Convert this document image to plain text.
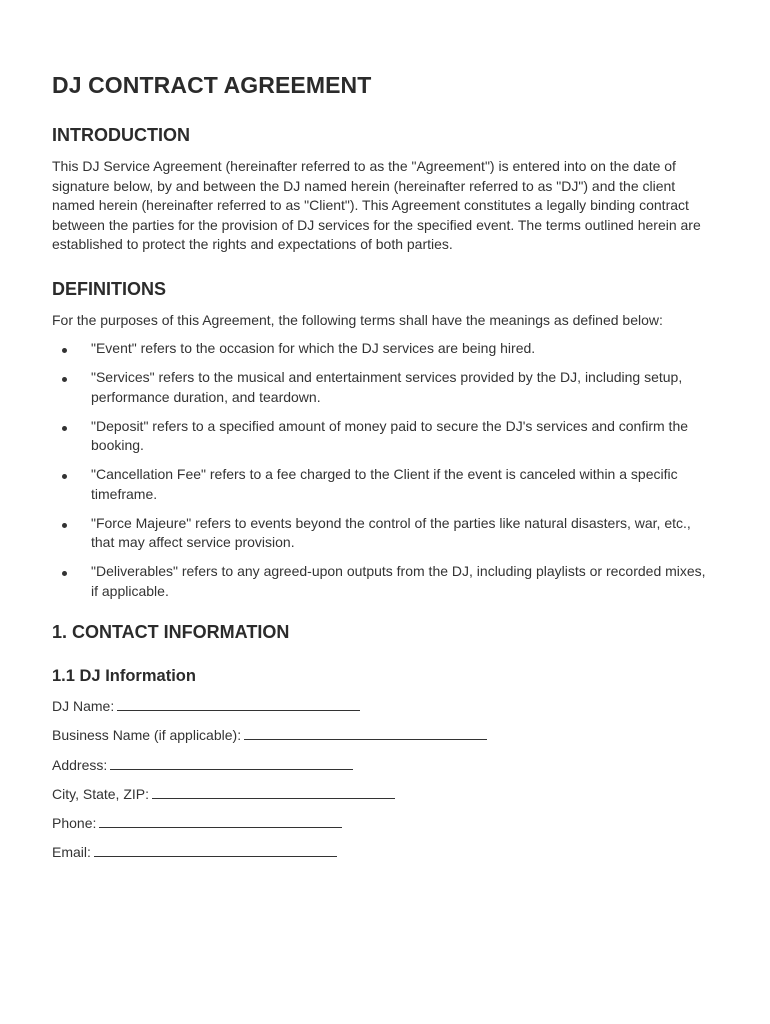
DJ CONTRACT AGREEMENT
INTRODUCTION

This DJ Service Agreement (hereinafter referred to as the "Agreement") is entered into on the date of signature below, by and between the DJ named herein (hereinafter referred to as "DJ") and the client named herein (hereinafter referred to as "Client"). This Agreement constitutes a legally binding contract between the parties for the provision of DJ services for the specified event. The terms outlined herein are established to protect the rights and expectations of both parties.

DEFINITIONS

For the purposes of this Agreement, the following terms shall have the meanings as defined below:

"Event" refers to the occasion for which the DJ services are being hired.
"Services" refers to the musical and entertainment services provided by the DJ, including setup, performance duration, and teardown.
"Deposit" refers to a specified amount of money paid to secure the DJ's services and confirm the booking.
"Cancellation Fee" refers to a fee charged to the Client if the event is canceled within a specific timeframe.
"Force Majeure" refers to events beyond the control of the parties like natural disasters, war, etc., that may affect service provision.
"Deliverables" refers to any agreed-upon outputs from the DJ, including playlists or recorded mixes, if applicable.
1. CONTACT INFORMATION
1.1 DJ Information

DJ Name:

Business Name (if applicable):

Address:

City, State, ZIP:

Phone:

Email:
